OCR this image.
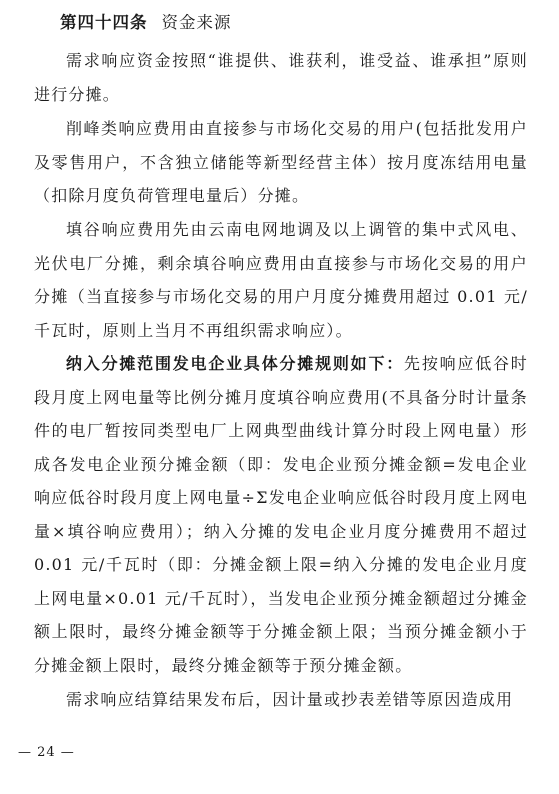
第四十四条 资金来源

需求响应资金按照“谁提供、谁获利，谁受益、谁承担”原则进行分摊。

削峰类响应费用由直接参与市场化交易的用户(包括批发用户及零售用户，不含独立储能等新型经营主体）按月度冻结用电量（扣除月度负荷管理电量后）分摊。

填谷响应费用先由云南电网地调及以上调管的集中式风电、光伏电厂分摊，剩余填谷响应费用由直接参与市场化交易的用户分摊（当直接参与市场化交易的用户月度分摊费用超过 0.01 元/千瓦时，原则上当月不再组织需求响应）。

纳入分摊范围发电企业具体分摊规则如下：先按响应低谷时段月度上网电量等比例分摊月度填谷响应费用(不具备分时计量条件的电厂暂按同类型电厂上网典型曲线计算分时段上网电量）形成各发电企业预分摊金额（即：发电企业预分摊金额=发电企业响应低谷时段月度上网电量÷Σ发电企业响应低谷时段月度上网电量×填谷响应费用）；纳入分摊的发电企业月度分摊费用不超过 0.01 元/千瓦时（即：分摊金额上限=纳入分摊的发电企业月度上网电量×0.01 元/千瓦时），当发电企业预分摊金额超过分摊金额上限时，最终分摊金额等于分摊金额上限；当预分摊金额小于分摊金额上限时，最终分摊金额等于预分摊金额。

需求响应结算结果发布后，因计量或抄表差错等原因造成用

— 24 —
